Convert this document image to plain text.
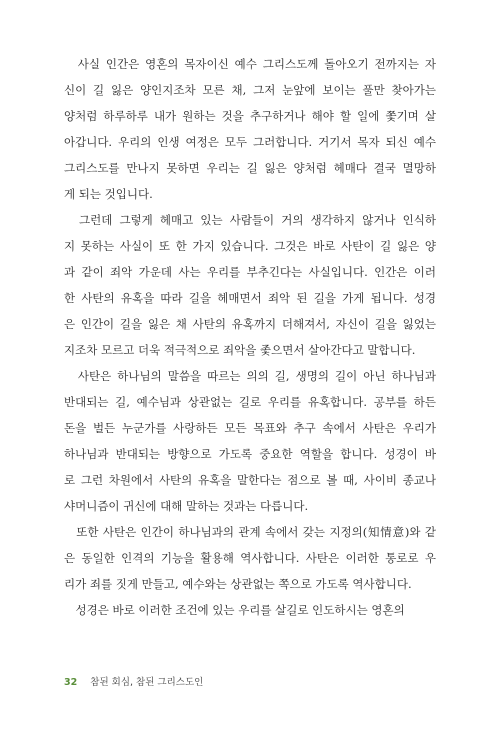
　사실 인간은 영혼의 목자이신 예수 그리스도께 돌아오기 전까지는 자
신이 길 잃은 양인지조차 모른 채, 그저 눈앞에 보이는 풀만 찾아가는
양처럼 하루하루 내가 원하는 것을 추구하거나 해야 할 일에 쫓기며 살
아갑니다. 우리의 인생 여정은 모두 그러합니다. 거기서 목자 되신 예수
그리스도를 만나지 못하면 우리는 길 잃은 양처럼 헤매다 결국 멸망하
게 되는 것입니다.
　그런데 그렇게 헤매고 있는 사람들이 거의 생각하지 않거나 인식하
지 못하는 사실이 또 한 가지 있습니다. 그것은 바로 사탄이 길 잃은 양
과 같이 죄악 가운데 사는 우리를 부추긴다는 사실입니다. 인간은 이러
한 사탄의 유혹을 따라 길을 헤매면서 죄악 된 길을 가게 됩니다. 성경
은 인간이 길을 잃은 채 사탄의 유혹까지 더해져서, 자신이 길을 잃었는
지조차 모르고 더욱 적극적으로 죄악을 좇으면서 살아간다고 말합니다.
　사탄은 하나님의 말씀을 따르는 의의 길, 생명의 길이 아닌 하나님과
반대되는 길, 예수님과 상관없는 길로 우리를 유혹합니다. 공부를 하든
돈을 벌든 누군가를 사랑하든 모든 목표와 추구 속에서 사탄은 우리가
하나님과 반대되는 방향으로 가도록 중요한 역할을 합니다. 성경이 바
로 그런 차원에서 사탄의 유혹을 말한다는 점으로 볼 때, 사이비 종교나
샤머니즘이 귀신에 대해 말하는 것과는 다릅니다.
　또한 사탄은 인간이 하나님과의 관계 속에서 갖는 지정의(知情意)와 같
은 동일한 인격의 기능을 활용해 역사합니다. 사탄은 이러한 통로로 우
리가 죄를 짓게 만들고, 예수와는 상관없는 쪽으로 가도록 역사합니다.
　성경은 바로 이러한 조건에 있는 우리를 살길로 인도하시는 영혼의
32 참된 회심, 참된 그리스도인
